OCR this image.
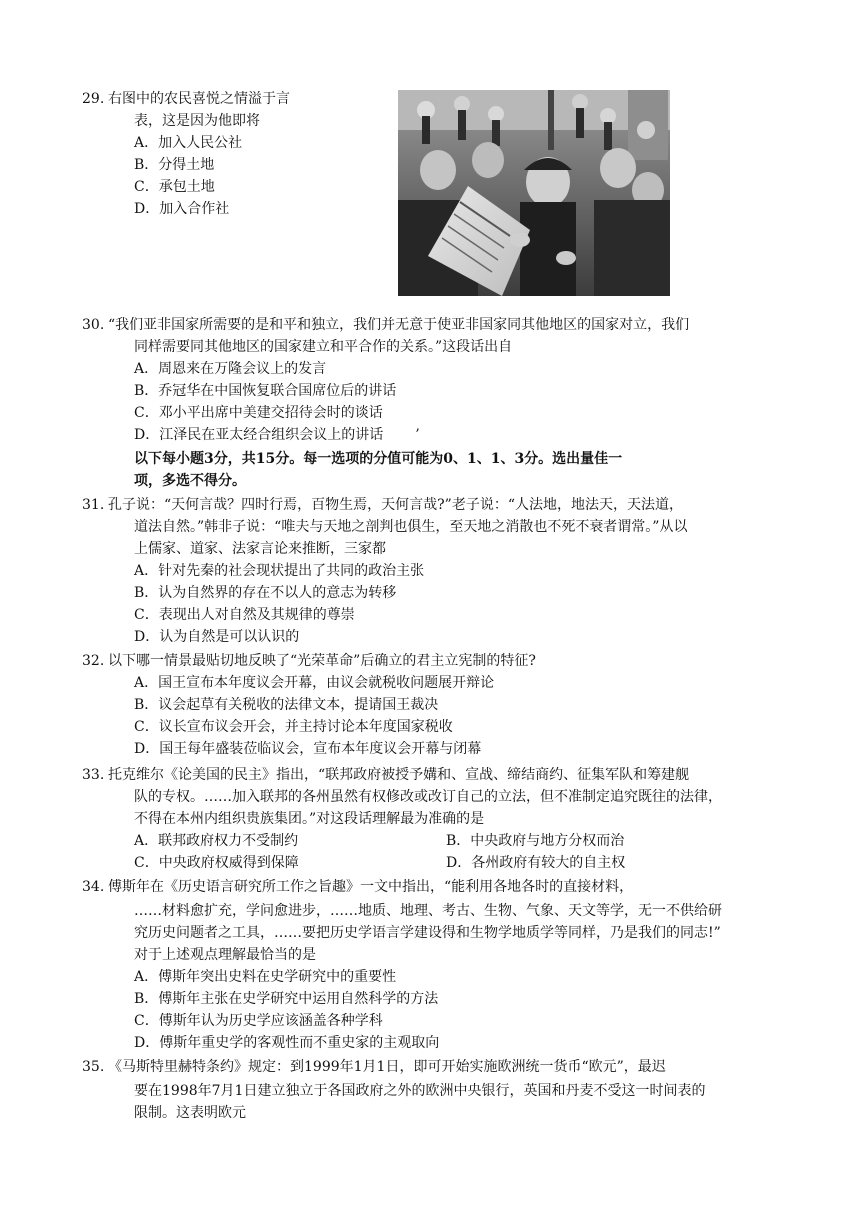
29. 右图中的农民喜悦之情溢于言
表，这是因为他即将
A．加入人民公社
B．分得土地
C．承包土地
D．加入合作社
30. “我们亚非国家所需要的是和平和独立，我们并无意于使亚非国家同其他地区的国家对立，我们
同样需要同其他地区的国家建立和平合作的关系。”这段话出自
A．周恩来在万隆会议上的发言
B．乔冠华在中国恢复联合国席位后的讲话
C．邓小平出席中美建交招待会时的谈话
D．江泽民在亚太经合组织会议上的讲话 ’
以下每小题3分，共15分。每一选项的分值可能为0、1、1、3分。选出量佳一
项，多选不得分。
31. 孔子说：“天何言哉？四时行焉，百物生焉，天何言哉?”老子说：“人法地，地法天，天法道，
道法自然。”韩非子说：“唯夫与天地之剖判也俱生，至天地之消散也不死不衰者谓常。”从以
上儒家、道家、法家言论来推断，三家都
A．针对先秦的社会现状提出了共同的政治主张
B．认为自然界的存在不以人的意志为转移
C．表现出人对自然及其规律的尊崇
D．认为自然是可以认识的
32. 以下哪一情景最贴切地反映了“光荣革命”后确立的君主立宪制的特征?
A．国王宣布本年度议会开幕，由议会就税收问题展开辩论
B．议会起草有关税收的法律文本，提请国王裁决
C．议长宣布议会开会，并主持讨论本年度国家税收
D．国王每年盛装莅临议会，宣布本年度议会开幕与闭幕
33. 托克维尔《论美国的民主》指出，“联邦政府被授予媾和、宣战、缔结商约、征集军队和筹建舰
队的专权。……加入联邦的各州虽然有权修改或改订自己的立法，但不准制定追究既往的法律，
不得在本州内组织贵族集团。”对这段话理解最为准确的是
A．联邦政府权力不受制约	B．中央政府与地方分权而治
C．中央政府权威得到保障	D．各州政府有较大的自主权
34. 傅斯年在《历史语言研究所工作之旨趣》一文中指出，“能利用各地各时的直接材料，
……材料愈扩充，学问愈进步，……地质、地理、考古、生物、气象、天文等学，无一不供给研
究历史问题者之工具，……要把历史学语言学建设得和生物学地质学等同样，乃是我们的同志!”
对于上述观点理解最恰当的是
A．傅斯年突出史料在史学研究中的重要性
B．傅斯年主张在史学研究中运用自然科学的方法
C．傅斯年认为历史学应该涵盖各种学科
D．傅斯年重史学的客观性而不重史家的主观取向
35. 《马斯特里赫特条约》规定：到1999年1月1日，即可开始实施欧洲统一货币“欧元”，最迟
要在1998年7月1日建立独立于各国政府之外的欧洲中央银行，英国和丹麦不受这一时间表的
限制。这表明欧元
